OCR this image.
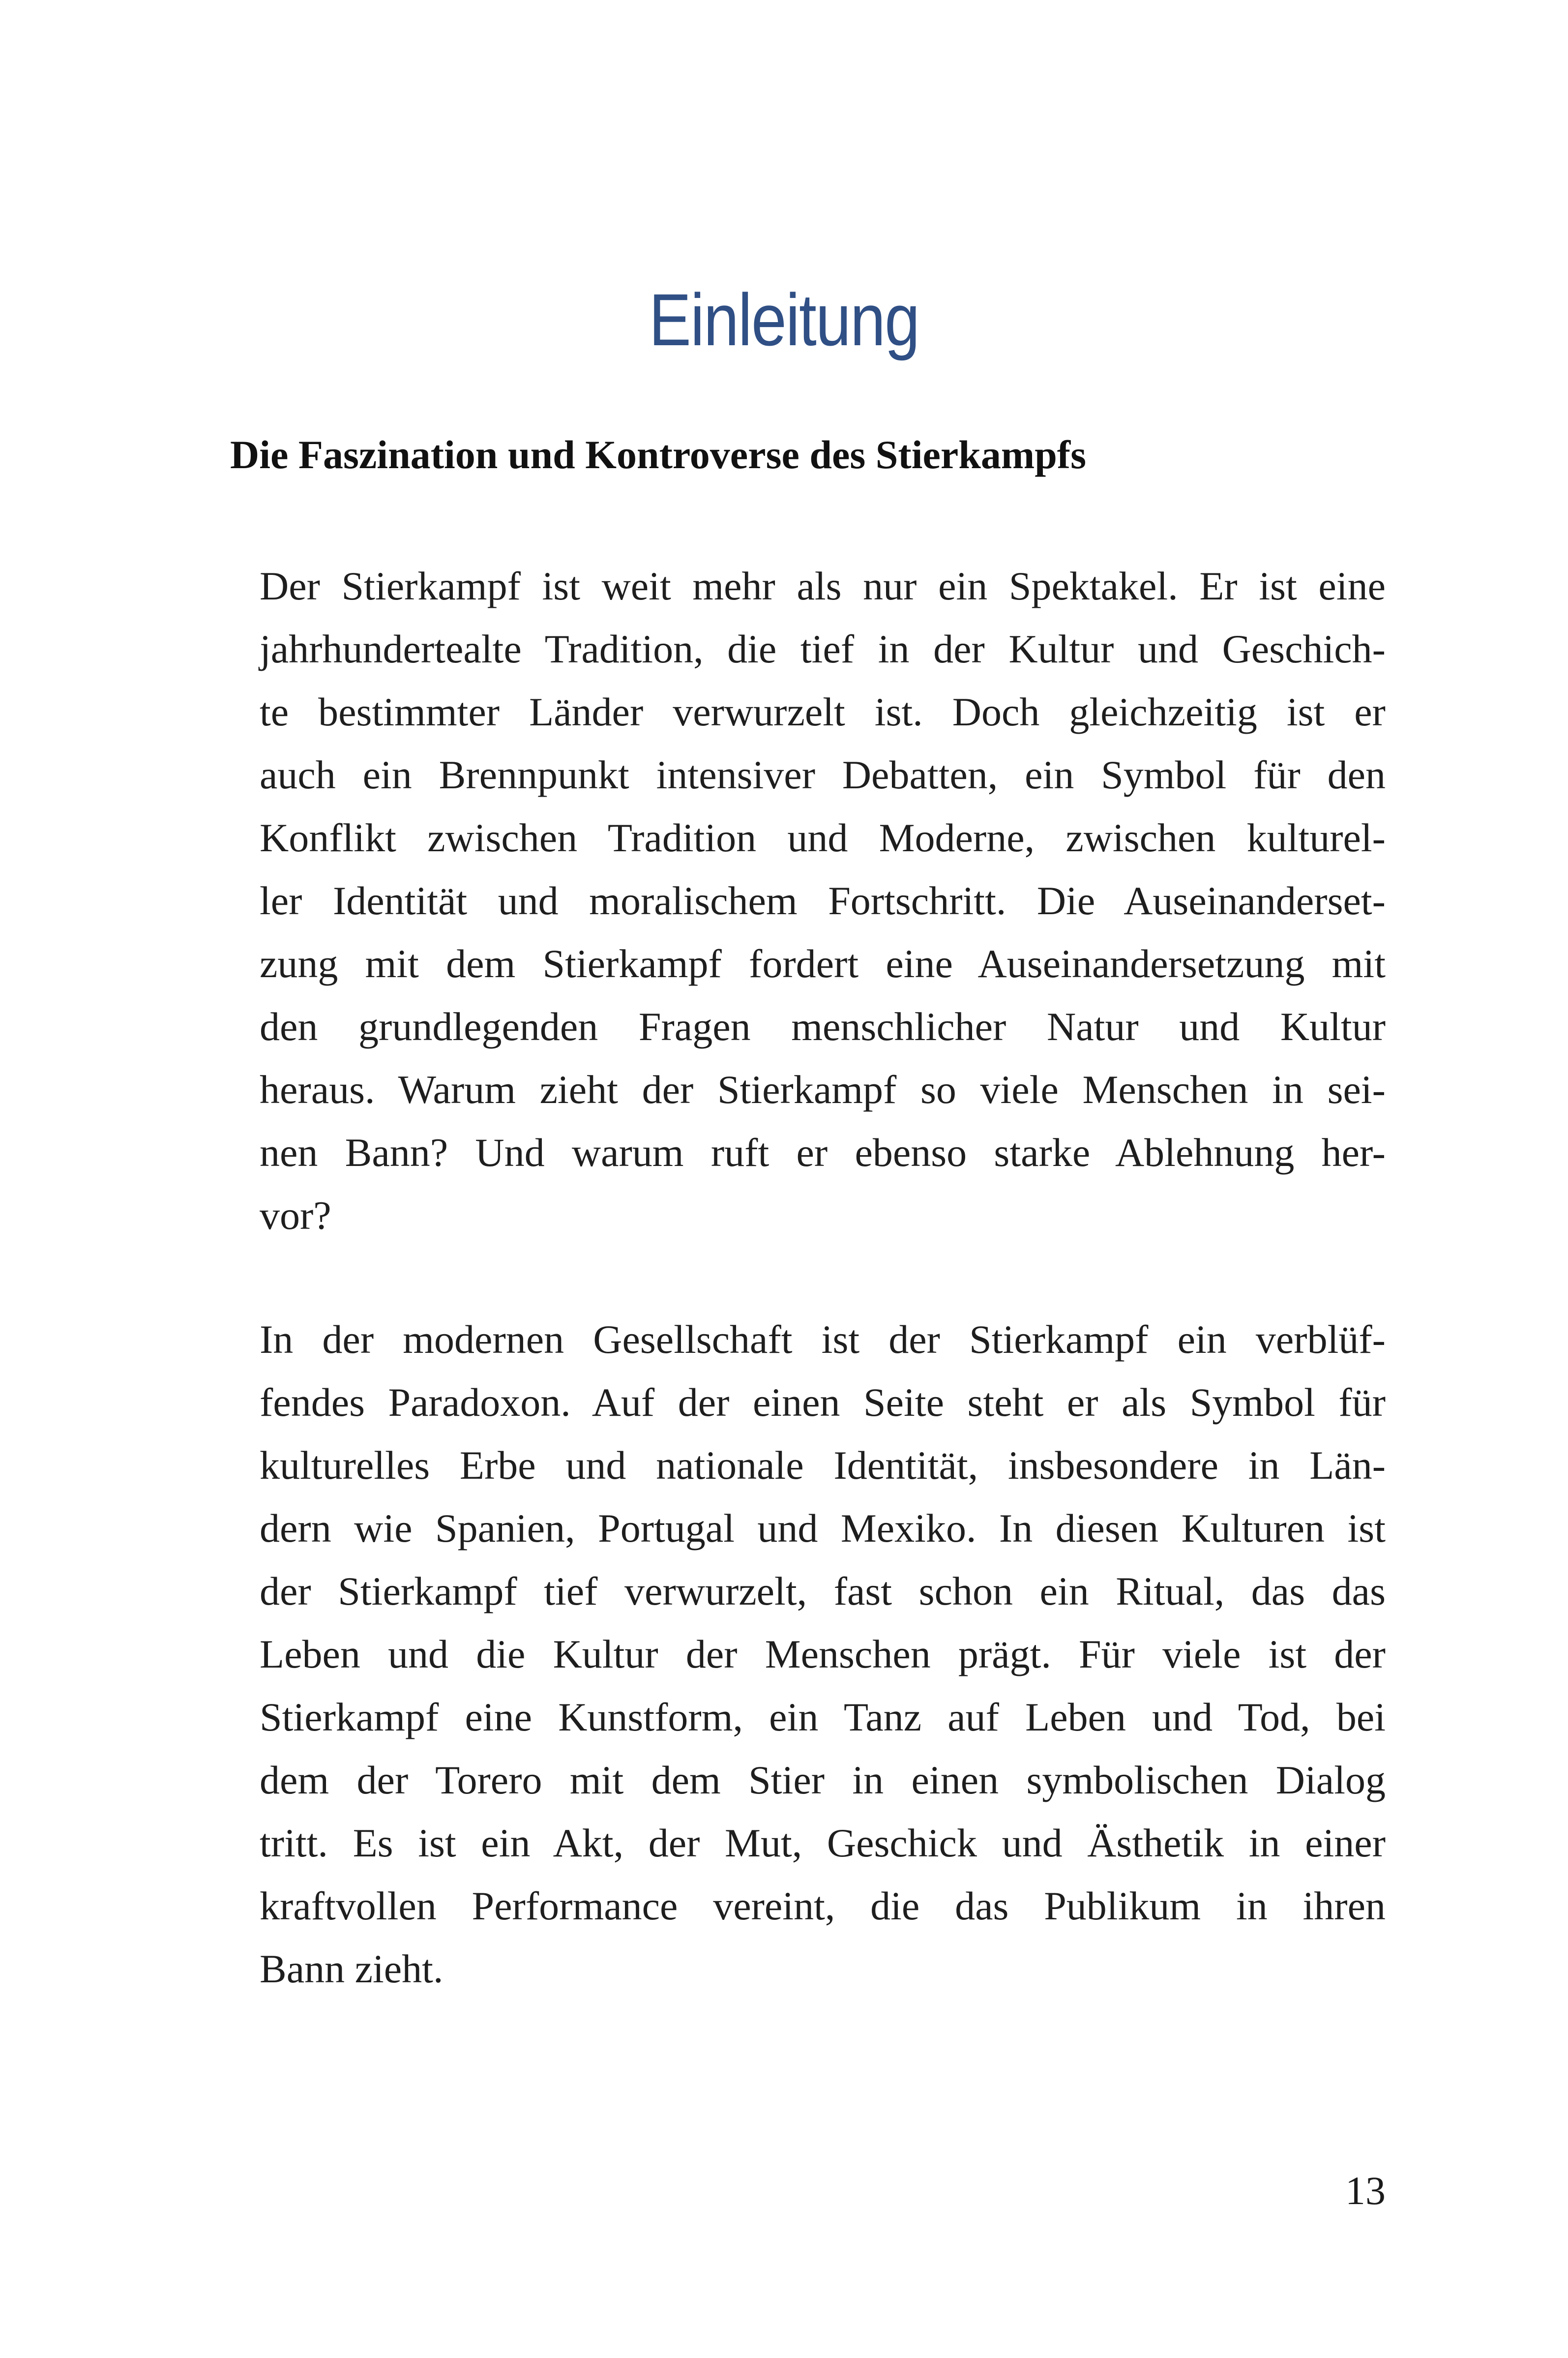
Einleitung
Die Faszination und Kontroverse des Stierkampfs
Der Stierkampf ist weit mehr als nur ein Spektakel. Er ist eine
jahrhundertealte Tradition, die tief in der Kultur und Geschich-
te bestimmter Länder verwurzelt ist. Doch gleichzeitig ist er
auch ein Brennpunkt intensiver Debatten, ein Symbol für den
Konflikt zwischen Tradition und Moderne, zwischen kulturel-
ler Identität und moralischem Fortschritt. Die Auseinanderset-
zung mit dem Stierkampf fordert eine Auseinandersetzung mit
den grundlegenden Fragen menschlicher Natur und Kultur
heraus. Warum zieht der Stierkampf so viele Menschen in sei-
nen Bann? Und warum ruft er ebenso starke Ablehnung her-
vor?
In der modernen Gesellschaft ist der Stierkampf ein verblüf-
fendes Paradoxon. Auf der einen Seite steht er als Symbol für
kulturelles Erbe und nationale Identität, insbesondere in Län-
dern wie Spanien, Portugal und Mexiko. In diesen Kulturen ist
der Stierkampf tief verwurzelt, fast schon ein Ritual, das das
Leben und die Kultur der Menschen prägt. Für viele ist der
Stierkampf eine Kunstform, ein Tanz auf Leben und Tod, bei
dem der Torero mit dem Stier in einen symbolischen Dialog
tritt. Es ist ein Akt, der Mut, Geschick und Ästhetik in einer
kraftvollen Performance vereint, die das Publikum in ihren
Bann zieht.
13
